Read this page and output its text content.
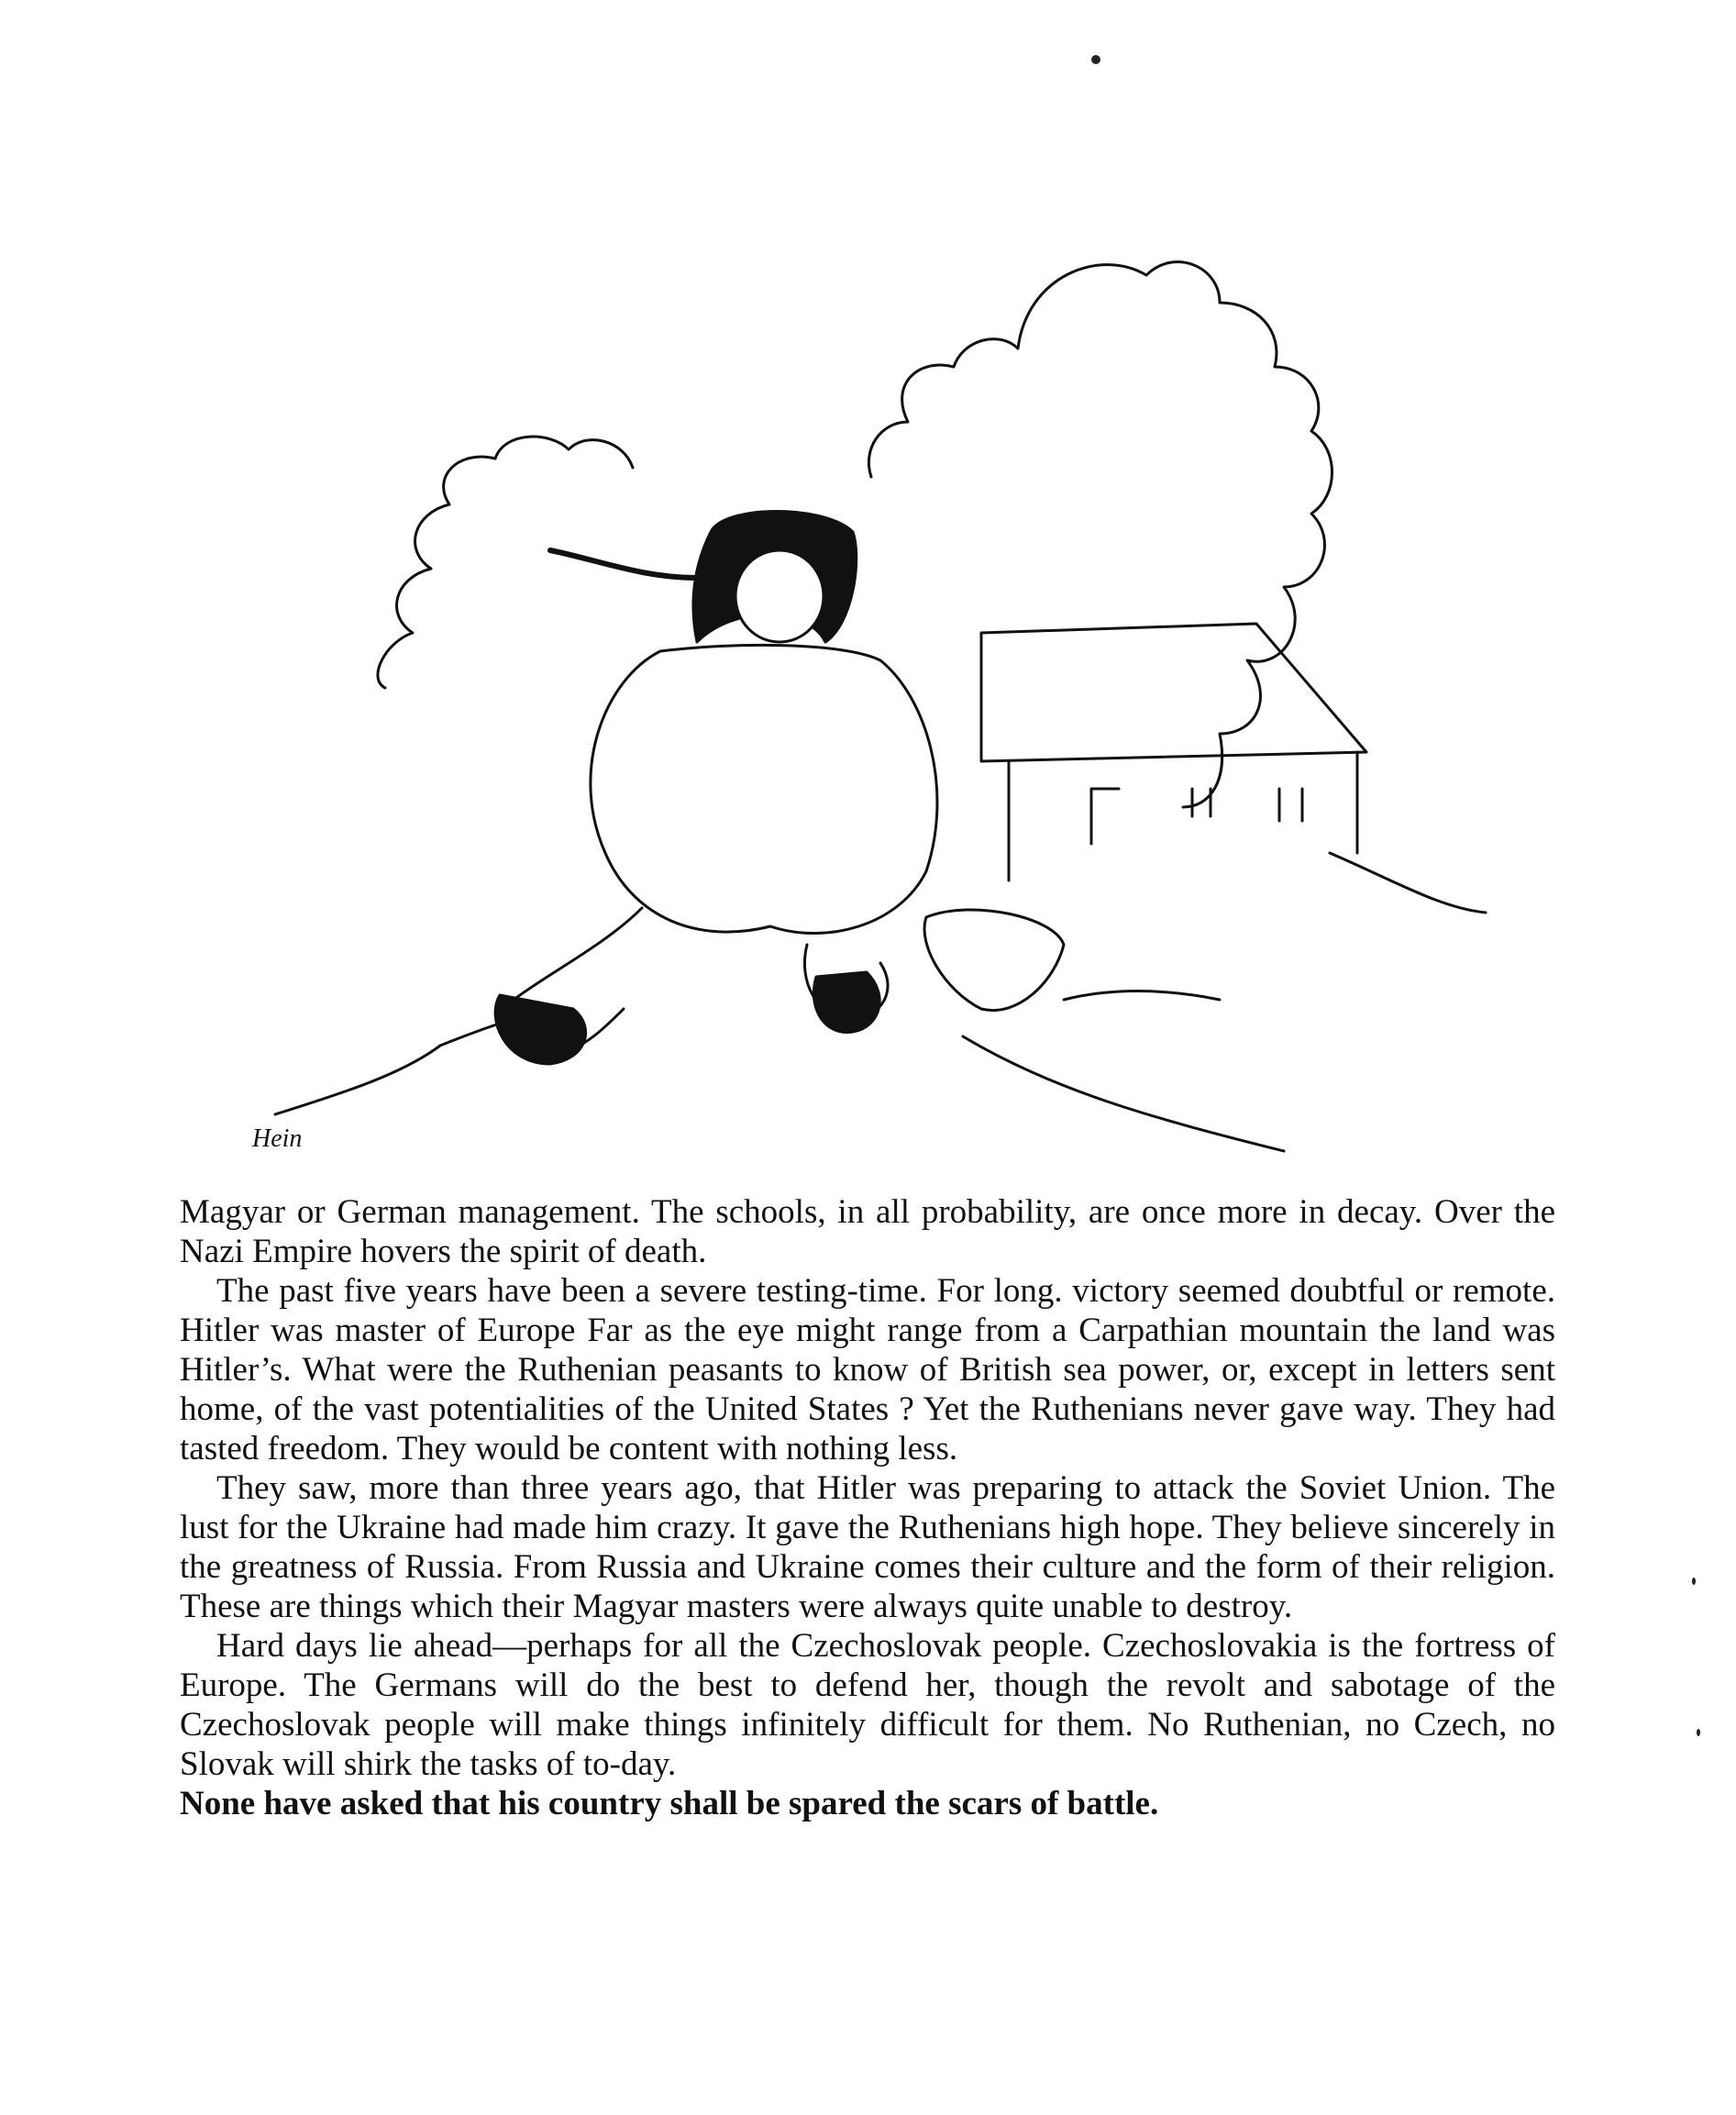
Hein

Magyar or German management. The schools, in all probability, are once more in decay. Over the Nazi Empire hovers the spirit of death.

The past five years have been a severe testing-time. For long. victory seemed doubtful or remote. Hitler was master of Europe Far as the eye might range from a Carpathian mountain the land was Hitler’s. What were the Ruthenian peasants to know of British sea power, or, except in letters sent home, of the vast potentialities of the United States ? Yet the Ruthenians never gave way. They had tasted freedom. They would be content with nothing less.

They saw, more than three years ago, that Hitler was preparing to attack the Soviet Union. The lust for the Ukraine had made him crazy. It gave the Ruthenians high hope. They believe sincerely in the greatness of Russia. From Russia and Ukraine comes their culture and the form of their religion. These are things which their Magyar masters were always quite unable to destroy.

Hard days lie ahead—perhaps for all the Czechoslovak people. Czechoslovakia is the fortress of Europe. The Germans will do the best to defend her, though the revolt and sabotage of the Czechoslovak people will make things infinitely difficult for them. No Ruthenian, no Czech, no Slovak will shirk the tasks of to-day.

None have asked that his country shall be spared the scars of battle.
